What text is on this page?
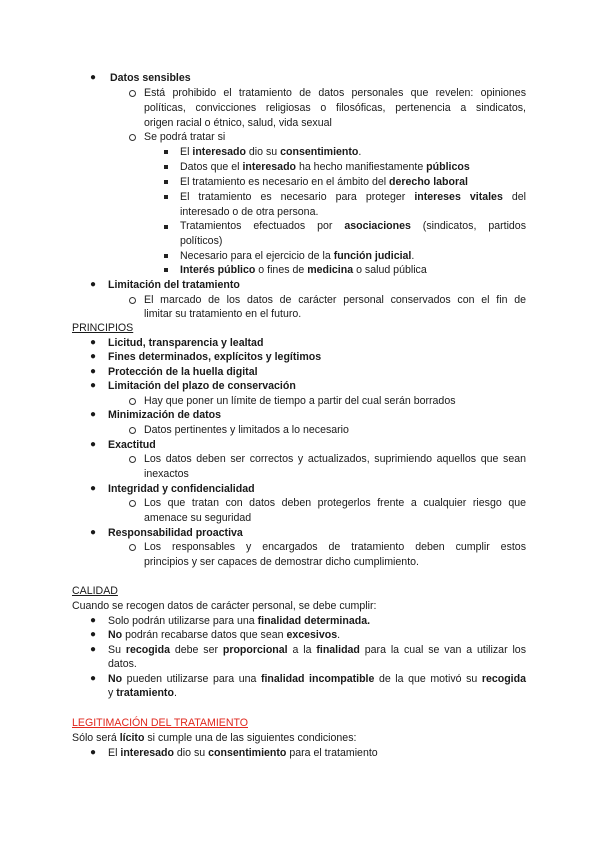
● Datos sensibles
Está prohibido el tratamiento de datos personales que revelen: opiniones
políticas, convicciones religiosas o filosóficas, pertenencia a sindicatos,
origen racial o étnico, salud, vida sexual
Se podrá tratar si
El interesado dio su consentimiento.
Datos que el interesado ha hecho manifiestamente públicos
El tratamiento es necesario en el ámbito del derecho laboral
El tratamiento es necesario para proteger intereses vitales del
interesado o de otra persona.
Tratamientos efectuados por asociaciones (sindicatos, partidos
políticos)
Necesario para el ejercicio de la función judicial.
Interés público o fines de medicina o salud pública
● Limitación del tratamiento
El marcado de los datos de carácter personal conservados con el fin de
limitar su tratamiento en el futuro.
PRINCIPIOS
● Licitud, transparencia y lealtad
● Fines determinados, explícitos y legítimos
● Protección de la huella digital
● Limitación del plazo de conservación
Hay que poner un límite de tiempo a partir del cual serán borrados
● Minimización de datos
Datos pertinentes y limitados a lo necesario
● Exactitud
Los datos deben ser correctos y actualizados, suprimiendo aquellos que sean
inexactos
● Integridad y confidencialidad
Los que tratan con datos deben protegerlos frente a cualquier riesgo que
amenace su seguridad
● Responsabilidad proactiva
Los responsables y encargados de tratamiento deben cumplir estos
principios y ser capaces de demostrar dicho cumplimiento.
CALIDAD
Cuando se recogen datos de carácter personal, se debe cumplir:
● Solo podrán utilizarse para una finalidad determinada.
● No podrán recabarse datos que sean excesivos.
● Su recogida debe ser proporcional a la finalidad para la cual se van a utilizar los
datos.
● No pueden utilizarse para una finalidad incompatible de la que motivó su recogida
y tratamiento.
LEGITIMACIÓN DEL TRATAMIENTO
Sólo será lícito si cumple una de las siguientes condiciones:
● El interesado dio su consentimiento para el tratamiento
